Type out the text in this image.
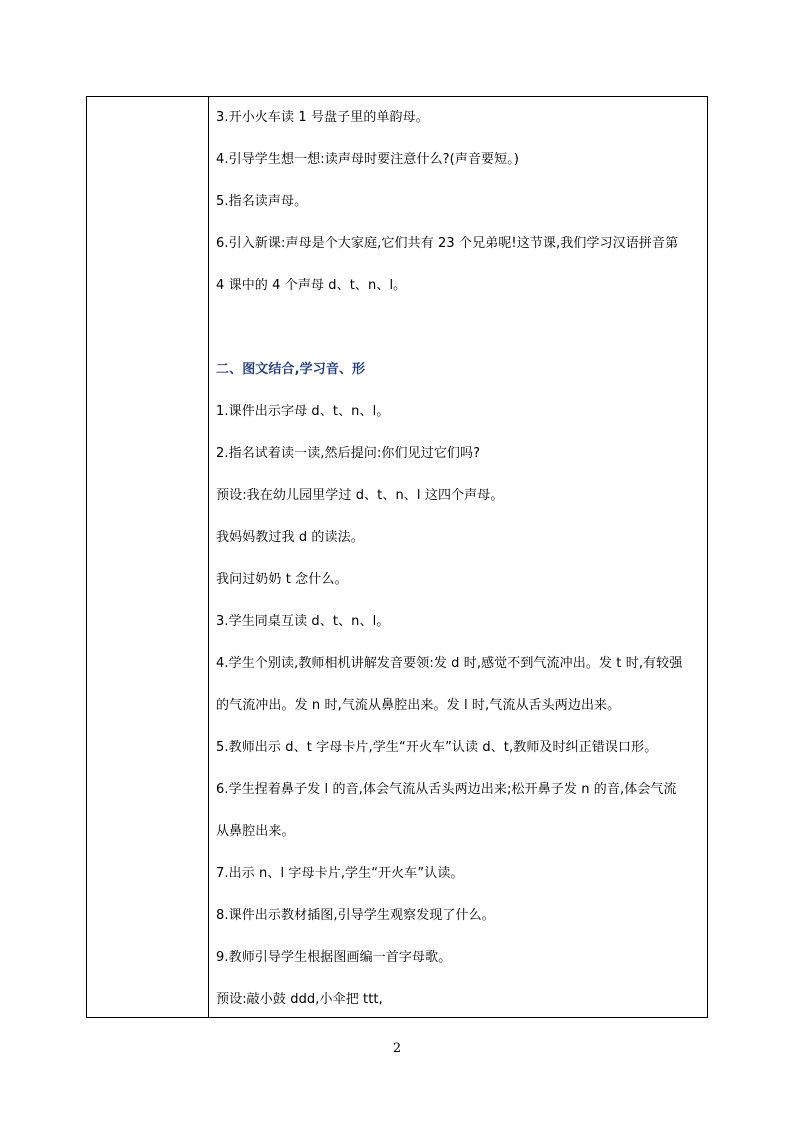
3.开小火车读 1 号盘子里的单韵母。
4.引导学生想一想:读声母时要注意什么?(声音要短。)
5.指名读声母。
6.引入新课:声母是个大家庭,它们共有 23 个兄弟呢!这节课,我们学习汉语拼音第
4 课中的 4 个声母 d、t、n、l。
二、图文结合,学习音、形
1.课件出示字母 d、t、n、l。
2.指名试着读一读,然后提问:你们见过它们吗?
预设:我在幼儿园里学过 d、t、n、l 这四个声母。
我妈妈教过我 d 的读法。
我问过奶奶 t 念什么。
3.学生同桌互读 d、t、n、l。
4.学生个别读,教师相机讲解发音要领:发 d 时,感觉不到气流冲出。发 t 时,有较强
的气流冲出。发 n 时,气流从鼻腔出来。发 l 时,气流从舌头两边出来。
5.教师出示 d、t 字母卡片,学生“开火车”认读 d、t,教师及时纠正错误口形。
6.学生捏着鼻子发 l 的音,体会气流从舌头两边出来;松开鼻子发 n 的音,体会气流
从鼻腔出来。
7.出示 n、l 字母卡片,学生“开火车”认读。
8.课件出示教材插图,引导学生观察发现了什么。
9.教师引导学生根据图画编一首字母歌。
预设:敲小鼓 ddd,小伞把 ttt,
2
